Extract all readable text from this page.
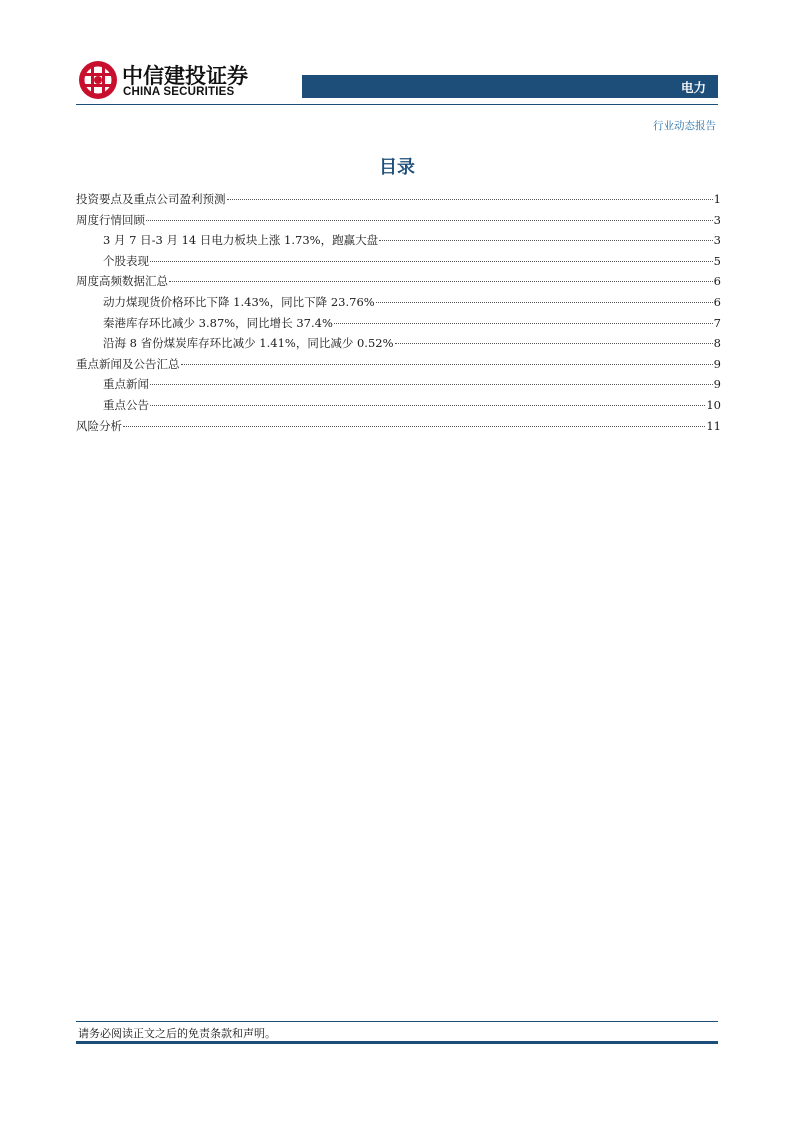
中信建投证券
CHINA SECURITIES	电力
行业动态报告
目录
投资要点及重点公司盈利预测	1
周度行情回顾	3
3 月 7 日-3 月 14 日电力板块上涨 1.73%，跑赢大盘	3
个股表现	5
周度高频数据汇总	6
动力煤现货价格环比下降 1.43%，同比下降 23.76%	6
秦港库存环比减少 3.87%，同比增长 37.4%	7
沿海 8 省份煤炭库存环比减少 1.41%，同比减少 0.52%	8
重点新闻及公告汇总	9
重点新闻	9
重点公告	10
风险分析	11
请务必阅读正文之后的免责条款和声明。
